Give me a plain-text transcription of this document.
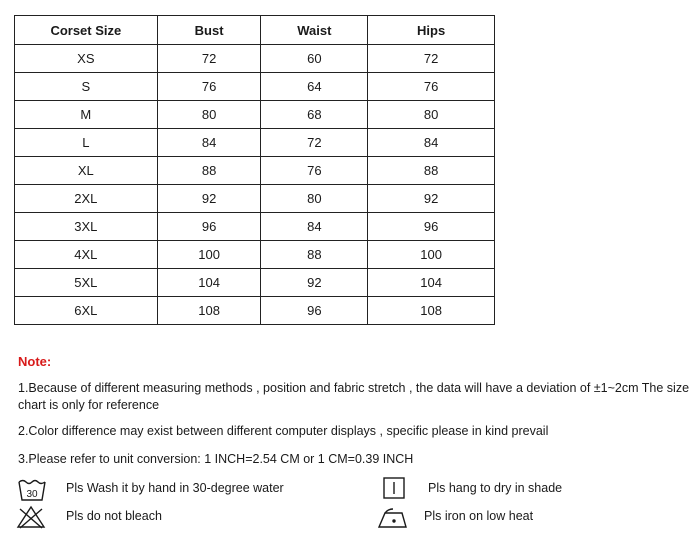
Corset Size	Bust	Waist	Hips
XS	72	60	72
S	76	64	76
M	80	68	80
L	84	72	84
XL	88	76	88
2XL	92	80	92
3XL	96	84	96
4XL	100	88	100
5XL	104	92	104
6XL	108	96	108
Note:
1.Because of different measuring methods , position and fabric stretch , the data will have a deviation of ±1~2cm The size chart is only for reference
2.Color difference may exist between different computer displays , specific please in kind prevail
3.Please refer to unit conversion: 1 INCH=2.54 CM or 1 CM=0.39 INCH
30 Pls Wash it by hand in 30-degree water	Pls hang to dry in shade
Pls do not bleach	Pls iron on low heat
